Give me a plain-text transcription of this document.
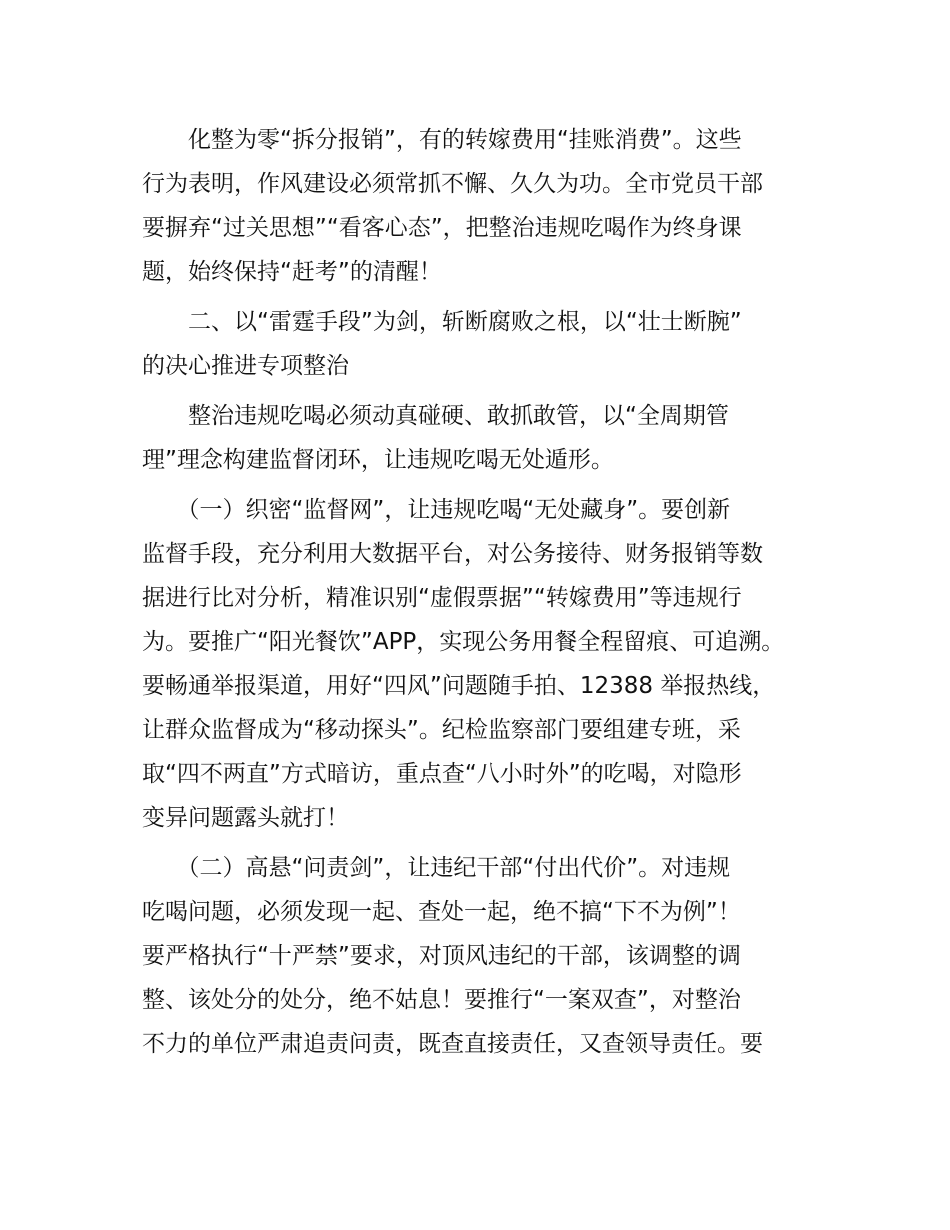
　　化整为零“拆分报销”，有的转嫁费用“挂账消费”。这些
行为表明，作风建设必须常抓不懈、久久为功。全市党员干部
要摒弃“过关思想”“看客心态”，把整治违规吃喝作为终身课
题，始终保持“赶考”的清醒！
　　二、以“雷霆手段”为剑，斩断腐败之根，以“壮士断腕”
的决心推进专项整治
　　整治违规吃喝必须动真碰硬、敢抓敢管，以“全周期管
理”理念构建监督闭环，让违规吃喝无处遁形。
　　（一）织密“监督网”，让违规吃喝“无处藏身”。要创新
监督手段，充分利用大数据平台，对公务接待、财务报销等数
据进行比对分析，精准识别“虚假票据”“转嫁费用”等违规行
为。要推广“阳光餐饮”APP，实现公务用餐全程留痕、可追溯。
要畅通举报渠道，用好“四风”问题随手拍、12388 举报热线，
让群众监督成为“移动探头”。纪检监察部门要组建专班，采
取“四不两直”方式暗访，重点查“八小时外”的吃喝，对隐形
变异问题露头就打！
　　（二）高悬“问责剑”，让违纪干部“付出代价”。对违规
吃喝问题，必须发现一起、查处一起，绝不搞“下不为例”！
要严格执行“十严禁”要求，对顶风违纪的干部，该调整的调
整、该处分的处分，绝不姑息！要推行“一案双查”，对整治
不力的单位严肃追责问责，既查直接责任，又查领导责任。要
